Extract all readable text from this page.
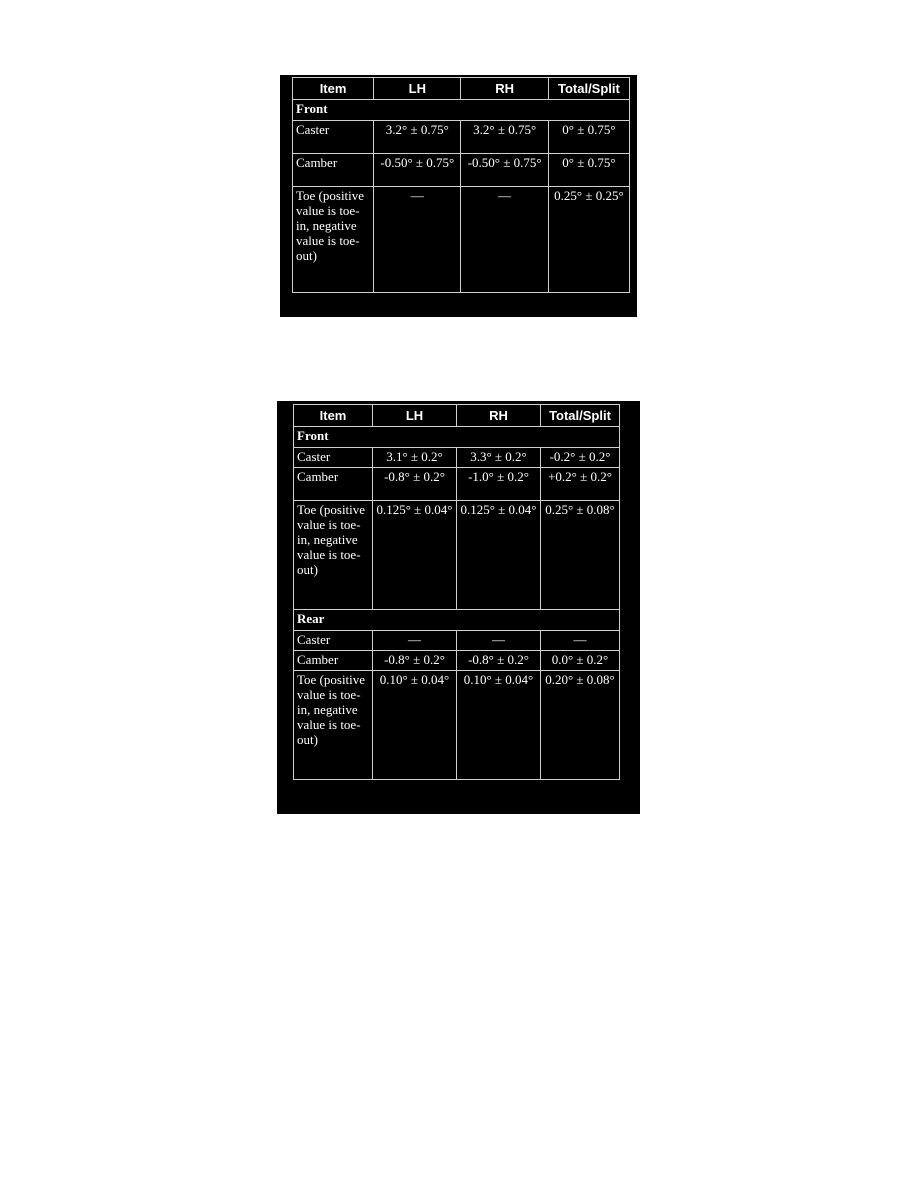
Item	LH	RH	Total/Split
Front			
Caster	3.2° ± 0.75°	3.2° ± 0.75°	0° ± 0.75°
Camber	-0.50° ± 0.75°	-0.50° ± 0.75°	0° ± 0.75°
Toe (positive value is toe-in, negative value is toe-out)	—	—	0.25° ± 0.25°
Item	LH	RH	Total/Split
Front			
Caster	3.1° ± 0.2°	3.3° ± 0.2°	-0.2° ± 0.2°
Camber	-0.8° ± 0.2°	-1.0° ± 0.2°	+0.2° ± 0.2°
Toe (positive value is toe-in, negative value is toe-out)	0.125° ± 0.04°	0.125° ± 0.04°	0.25° ± 0.08°
Rear			
Caster	—	—	—
Camber	-0.8° ± 0.2°	-0.8° ± 0.2°	0.0° ± 0.2°
Toe (positive value is toe-in, negative value is toe-out)	0.10° ± 0.04°	0.10° ± 0.04°	0.20° ± 0.08°
